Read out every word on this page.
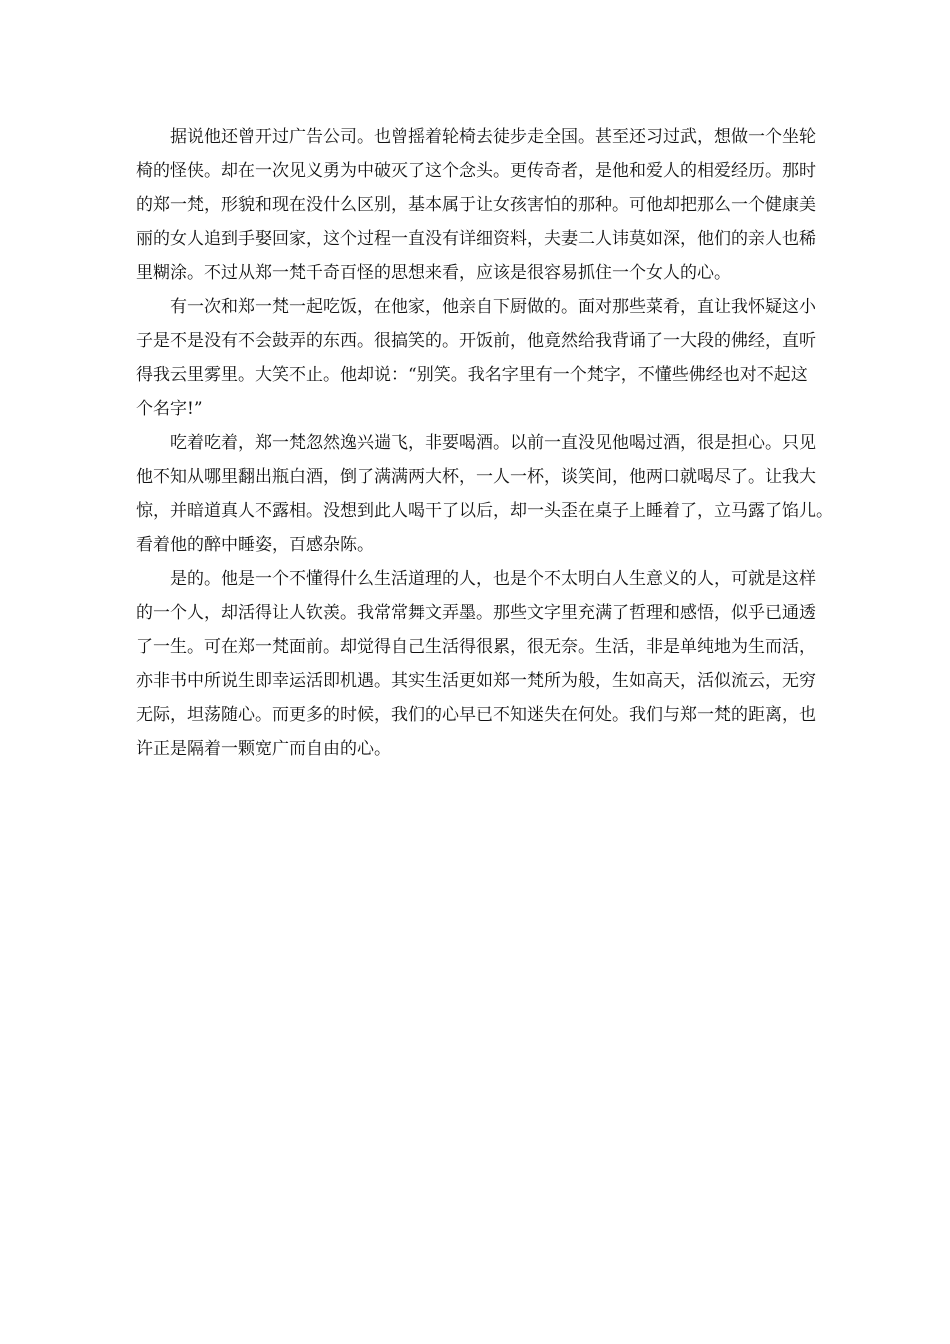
　　据说他还曾开过广告公司。也曾摇着轮椅去徒步走全国。甚至还习过武，想做一个坐轮
椅的怪侠。却在一次见义勇为中破灭了这个念头。更传奇者，是他和爱人的相爱经历。那时
的郑一梵，形貌和现在没什么区别，基本属于让女孩害怕的那种。可他却把那么一个健康美
丽的女人追到手娶回家，这个过程一直没有详细资料，夫妻二人讳莫如深，他们的亲人也稀
里糊涂。不过从郑一梵千奇百怪的思想来看，应该是很容易抓住一个女人的心。
　　有一次和郑一梵一起吃饭，在他家，他亲自下厨做的。面对那些菜肴，直让我怀疑这小
子是不是没有不会鼓弄的东西。很搞笑的。开饭前，他竟然给我背诵了一大段的佛经，直听
得我云里雾里。大笑不止。他却说：“别笑。我名字里有一个梵字，不懂些佛经也对不起这
个名字!”
　　吃着吃着，郑一梵忽然逸兴遄飞，非要喝酒。以前一直没见他喝过酒，很是担心。只见
他不知从哪里翻出瓶白酒，倒了满满两大杯，一人一杯，谈笑间，他两口就喝尽了。让我大
惊，并暗道真人不露相。没想到此人喝干了以后，却一头歪在桌子上睡着了，立马露了馅儿。
看着他的醉中睡姿，百感杂陈。
　　是的。他是一个不懂得什么生活道理的人，也是个不太明白人生意义的人，可就是这样
的一个人，却活得让人钦羡。我常常舞文弄墨。那些文字里充满了哲理和感悟，似乎已通透
了一生。可在郑一梵面前。却觉得自己生活得很累，很无奈。生活，非是单纯地为生而活，
亦非书中所说生即幸运活即机遇。其实生活更如郑一梵所为般，生如高天，活似流云，无穷
无际，坦荡随心。而更多的时候，我们的心早已不知迷失在何处。我们与郑一梵的距离，也
许正是隔着一颗宽广而自由的心。
